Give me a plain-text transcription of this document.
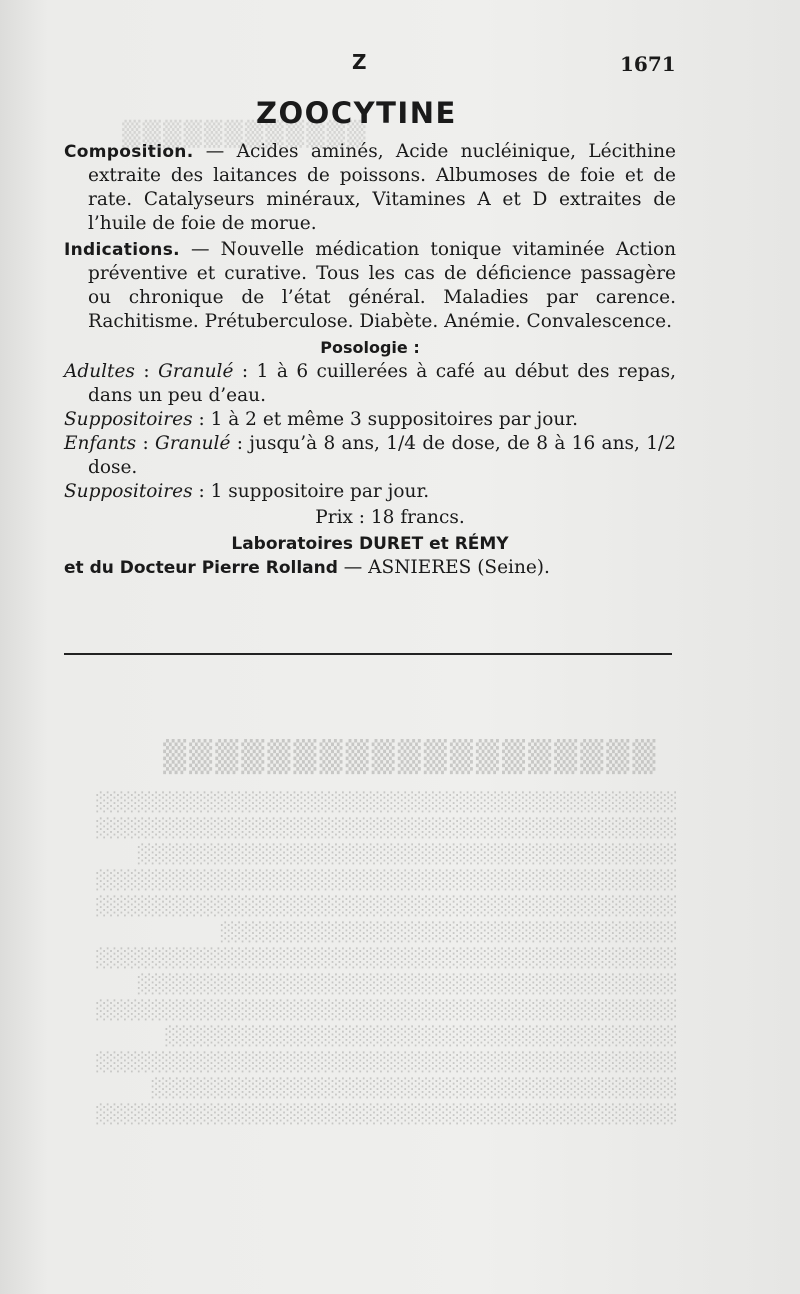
▒▒▒▒▒▒▒▒▒▒▒▒
▒▒▒▒▒▒▒▒▒▒▒▒▒▒▒▒▒▒▒

░░░░░░░░░░░░░░░░░░░░░░░░░░░░░░░░░░░░░░░░░░

░░░░░░░░░░░░░░░░░░░░░░░░░░░░░░░░░░░░░░░░░░

░░░░░░░░░░░░░░░░░░░░░░░░░░░░░░░░░░░░░░░

░░░░░░░░░░░░░░░░░░░░░░░░░░░░░░░░░░░░░░░░░░

░░░░░░░░░░░░░░░░░░░░░░░░░░░░░░░░░░░░░░░░░░

░░░░░░░░░░░░░░░░░░░░░░░░░░░░░░░░░

░░░░░░░░░░░░░░░░░░░░░░░░░░░░░░░░░░░░░░░░░░

░░░░░░░░░░░░░░░░░░░░░░░░░░░░░░░░░░░░░░░

░░░░░░░░░░░░░░░░░░░░░░░░░░░░░░░░░░░░░░░░░░

░░░░░░░░░░░░░░░░░░░░░░░░░░░░░░░░░░░░░

░░░░░░░░░░░░░░░░░░░░░░░░░░░░░░░░░░░░░░░░░░

░░░░░░░░░░░░░░░░░░░░░░░░░░░░░░░░░░░░░░

░░░░░░░░░░░░░░░░░░░░░░░░░░░░░░░░░░░░░░░░░░

Z	1671
ZOOCYTINE

Composition. — Acides aminés, Acide nucléinique, Lécithine extraite des laitances de poissons. Albumoses de foie et de rate. Catalyseurs minéraux, Vitamines A et D extraites de l’huile de foie de morue.

Indications. — Nouvelle médication tonique vitaminée Action préventive et curative. Tous les cas de déficience passagère ou chronique de l’état général. Maladies par carence. Rachitisme. Prétuberculose. Diabète. Anémie. Convalescence.

Posologie :

Adultes : Granulé : 1 à 6 cuillerées à café au début des repas, dans un peu d’eau.

Suppositoires : 1 à 2 et même 3 suppositoires par jour.

Enfants : Granulé : jusqu’à 8 ans, 1/4 de dose, de 8 à 16 ans, 1/2 dose.

Suppositoires : 1 suppositoire par jour.

Prix : 18 francs.

Laboratoires DURET et RÉMY

et du Docteur Pierre Rolland — ASNIERES (Seine).
